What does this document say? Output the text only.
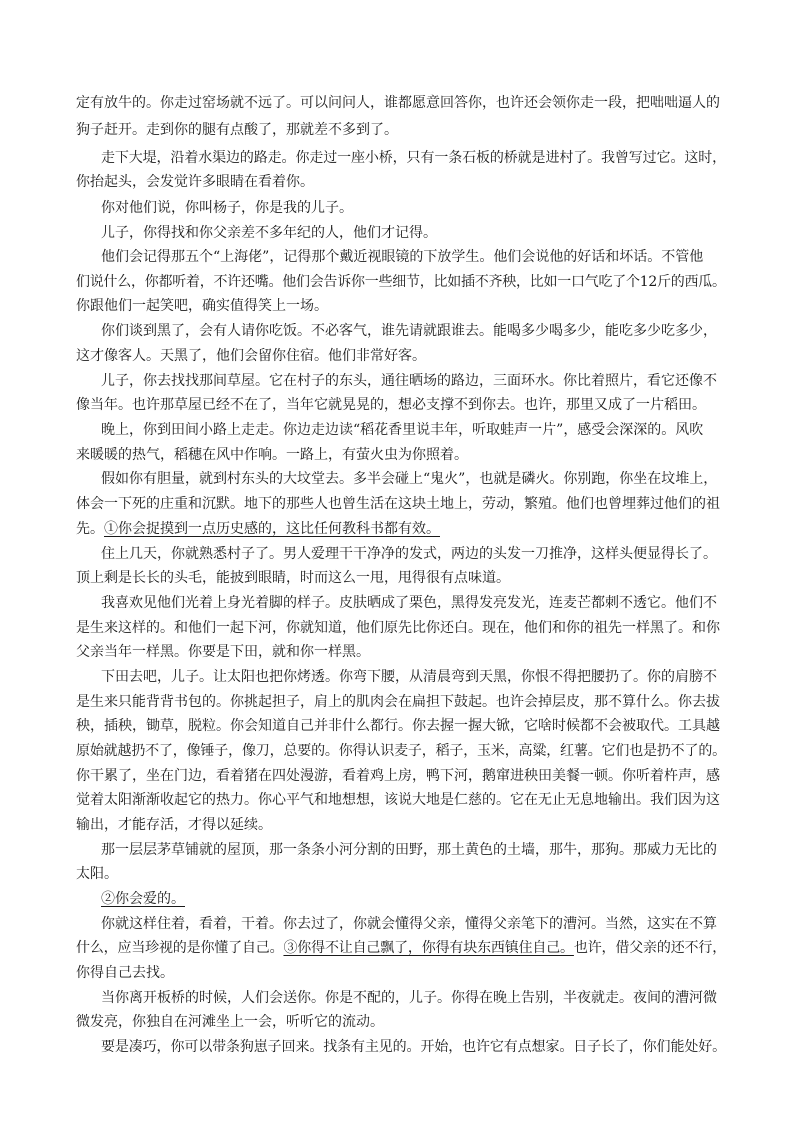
定有放牛的。你走过窑场就不远了。可以问问人，谁都愿意回答你，也许还会领你走一段，把咄咄逼人的
狗子赶开。走到你的腿有点酸了，那就差不多到了。
走下大堤，沿着水渠边的路走。你走过一座小桥，只有一条石板的桥就是进村了。我曾写过它。这时，
你抬起头，会发觉许多眼睛在看着你。
你对他们说，你叫杨子，你是我的儿子。
儿子，你得找和你父亲差不多年纪的人，他们才记得。
他们会记得那五个“上海佬”，记得那个戴近视眼镜的下放学生。他们会说他的好话和坏话。不管他
们说什么，你都听着，不许还嘴。他们会告诉你一些细节，比如插不齐秧，比如一口气吃了个12斤的西瓜。
你跟他们一起笑吧，确实值得笑上一场。
你们谈到黑了，会有人请你吃饭。不必客气，谁先请就跟谁去。能喝多少喝多少，能吃多少吃多少，
这才像客人。天黑了，他们会留你住宿。他们非常好客。
儿子，你去找找那间草屋。它在村子的东头，通往晒场的路边，三面环水。你比着照片，看它还像不
像当年。也许那草屋已经不在了，当年它就晃晃的，想必支撑不到你去。也许，那里又成了一片稻田。
晚上，你到田间小路上走走。你边走边读“稻花香里说丰年，听取蛙声一片”，感受会深深的。风吹
来暖暖的热气，稻穗在风中作响。一路上，有萤火虫为你照着。
假如你有胆量，就到村东头的大坟堂去。多半会碰上“鬼火”，也就是磷火。你别跑，你坐在坟堆上，
体会一下死的庄重和沉默。地下的那些人也曾生活在这块土地上，劳动，繁殖。他们也曾埋葬过他们的祖
先。①你会捉摸到一点历史感的，这比任何教科书都有效。
住上几天，你就熟悉村子了。男人爱理干干净净的发式，两边的头发一刀推净，这样头便显得长了。
顶上剩是长长的头毛，能披到眼睛，时而这么一甩，甩得很有点味道。
我喜欢见他们光着上身光着脚的样子。皮肤晒成了栗色，黑得发亮发光，连麦芒都刺不透它。他们不
是生来这样的。和他们一起下河，你就知道，他们原先比你还白。现在，他们和你的祖先一样黑了。和你
父亲当年一样黑。你要是下田，就和你一样黑。
下田去吧，儿子。让太阳也把你烤透。你弯下腰，从清晨弯到天黑，你恨不得把腰扔了。你的肩膀不
是生来只能背背书包的。你挑起担子，肩上的肌肉会在扁担下鼓起。也许会掉层皮，那不算什么。你去拔
秧，插秧，锄草，脱粒。你会知道自己并非什么都行。你去握一握大锨，它啥时候都不会被取代。工具越
原始就越扔不了，像锤子，像刀，总要的。你得认识麦子，稻子，玉米，高粱，红薯。它们也是扔不了的。
你干累了，坐在门边，看着猪在四处漫游，看着鸡上房，鸭下河，鹅窜进秧田美餐一顿。你听着杵声，感
觉着太阳渐渐收起它的热力。你心平气和地想想，该说大地是仁慈的。它在无止无息地输出。我们因为这
输出，才能存活，才得以延续。
那一层层茅草铺就的屋顶，那一条条小河分割的田野，那土黄色的土墙，那牛，那狗。那威力无比的
太阳。
②你会爱的。
你就这样住着，看着，干着。你去过了，你就会懂得父亲，懂得父亲笔下的漕河。当然，这实在不算
什么，应当珍视的是你懂了自己。③你得不让自己飘了，你得有块东西镇住自己。也许，借父亲的还不行，
你得自己去找。
当你离开板桥的时候，人们会送你。你是不配的，儿子。你得在晚上告别，半夜就走。夜间的漕河微
微发亮，你独自在河滩坐上一会，听听它的流动。
要是凑巧，你可以带条狗崽子回来。找条有主见的。开始，也许它有点想家。日子长了，你们能处好。
